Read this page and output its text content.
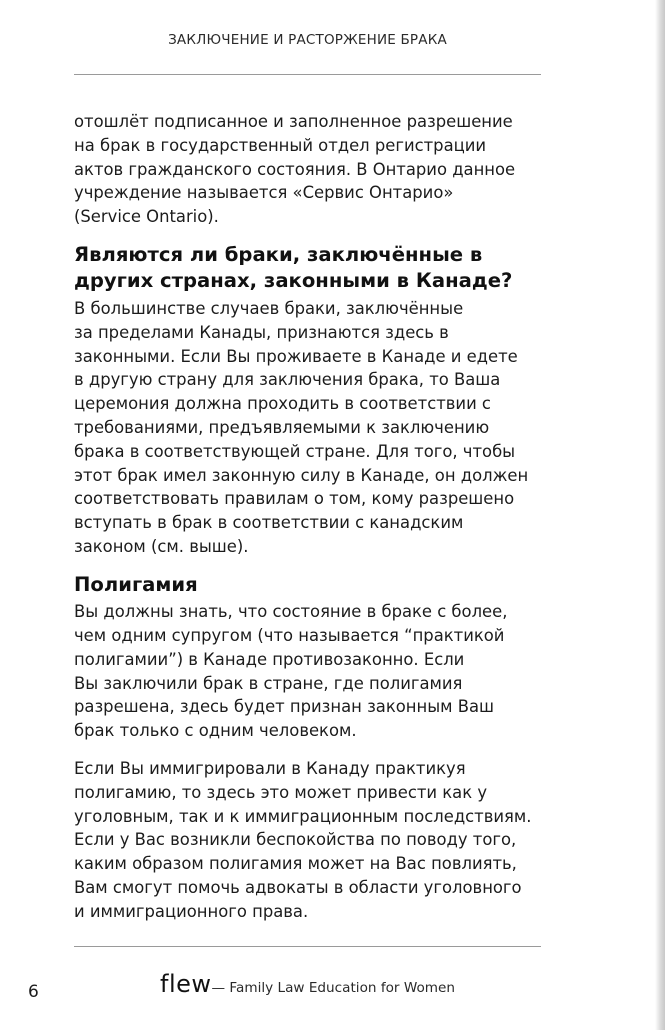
ЗАКЛЮЧЕНИЕ И РАСТОРЖЕНИЕ БРАКА

отошлёт подписанное и заполненное разрешение
на брак в государственный отдел регистрации
актов гражданского состояния. В Онтарио данное
учреждение называется «Сервис Онтарио»
(Service Ontario).

Являются ли браки, заключённые в
других странах, законными в Канаде?

В большинстве случаев браки, заключённые
за пределами Канады, признаются здесь в
законными. Если Вы проживаете в Канаде и едете
в другую страну для заключения брака, то Ваша
церемония должна проходить в соответствии с
требованиями, предъявляемыми к заключению
брака в соответствующей стране. Для того, чтобы
этот брак имел законную силу в Канаде, он должен
соответствовать правилам о том, кому разрешено
вступать в брак в соответствии с канадским
законом (см. выше).

Полигамия

Вы должны знать, что состояние в браке с более,
чем одним супругом (что называется “практикой
полигамии”) в Канаде противозаконно. Если
Вы заключили брак в стране, где полигамия
разрешена, здесь будет признан законным Ваш
брак только с одним человеком.

Если Вы иммигрировали в Канаду практикуя
полигамию, то здесь это может привести как у
уголовным, так и к иммиграционным последствиям.
Если у Вас возникли беспокойства по поводу того,
каким образом полигамия может на Вас повлиять,
Вам смогут помочь адвокаты в области уголовного
и иммиграционного права.

6	flew— Family Law Education for Women
